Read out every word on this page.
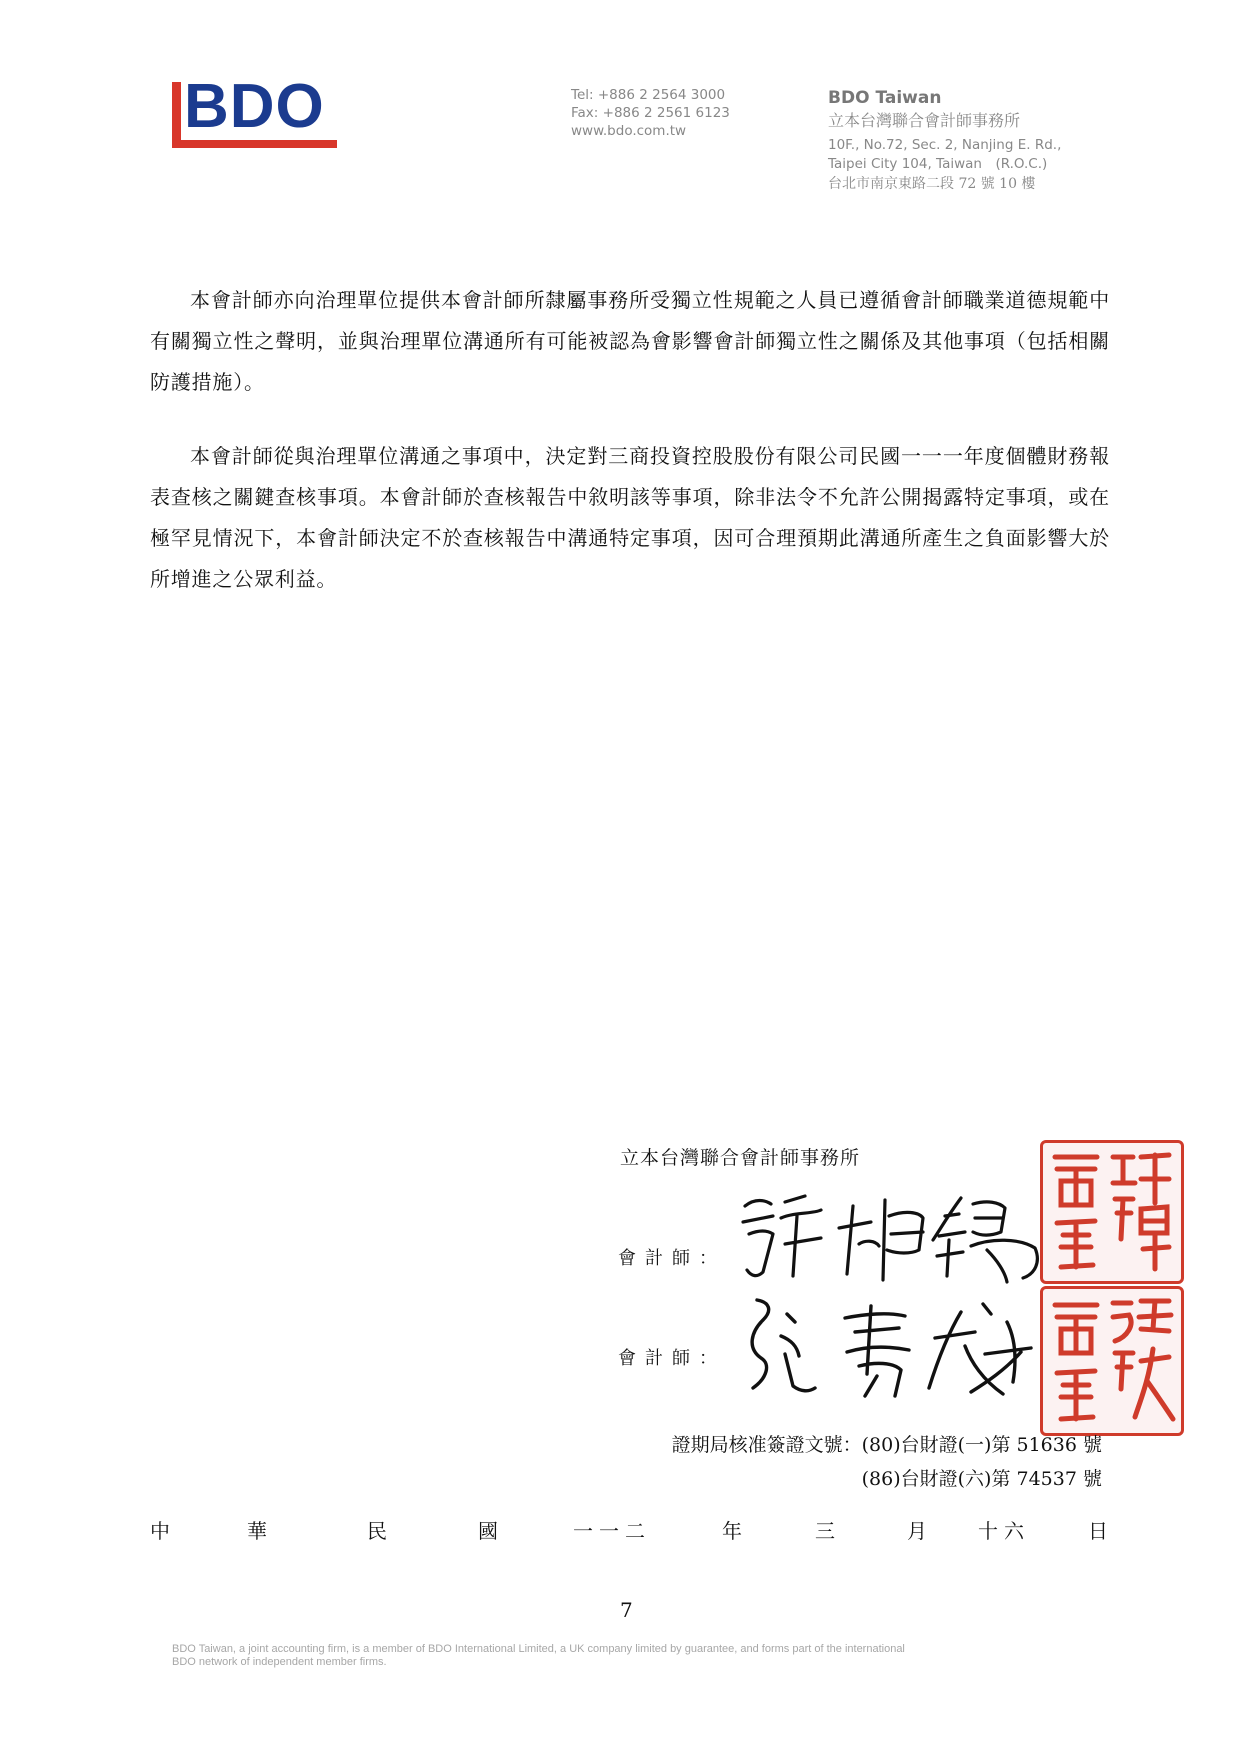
BDO	Tel: +886 2 2564 3000
Fax: +886 2 2561 6123
www.bdo.com.tw
BDO Taiwan
立本台灣聯合會計師事務所
10F., No.72, Sec. 2, Nanjing E. Rd.,
Taipei City 104, Taiwan　(R.O.C.)
台北市南京東路二段 72 號 10 樓

本會計師亦向治理單位提供本會計師所隸屬事務所受獨立性規範之人員已遵循會計師職業道德規範中有關獨立性之聲明，並與治理單位溝通所有可能被認為會影響會計師獨立性之關係及其他事項（包括相關防護措施）。

本會計師從與治理單位溝通之事項中，決定對三商投資控股股份有限公司民國一一一年度個體財務報表查核之關鍵查核事項。本會計師於查核報告中敘明該等事項，除非法令不允許公開揭露特定事項，或在極罕見情況下，本會計師決定不於查核報告中溝通特定事項，因可合理預期此溝通所產生之負面影響大於所增進之公眾利益。

立本台灣聯合會計師事務所
會計師：
會計師：
證期局核准簽證文號：(80)台財證(一)第 51636 號
(86)台財證(六)第 74537 號
中	華	民	國	一一二	年	三	月	十六	日
7
BDO Taiwan, a joint accounting firm, is a member of BDO International Limited, a UK company limited by guarantee, and forms part of the international
BDO network of independent member firms.
